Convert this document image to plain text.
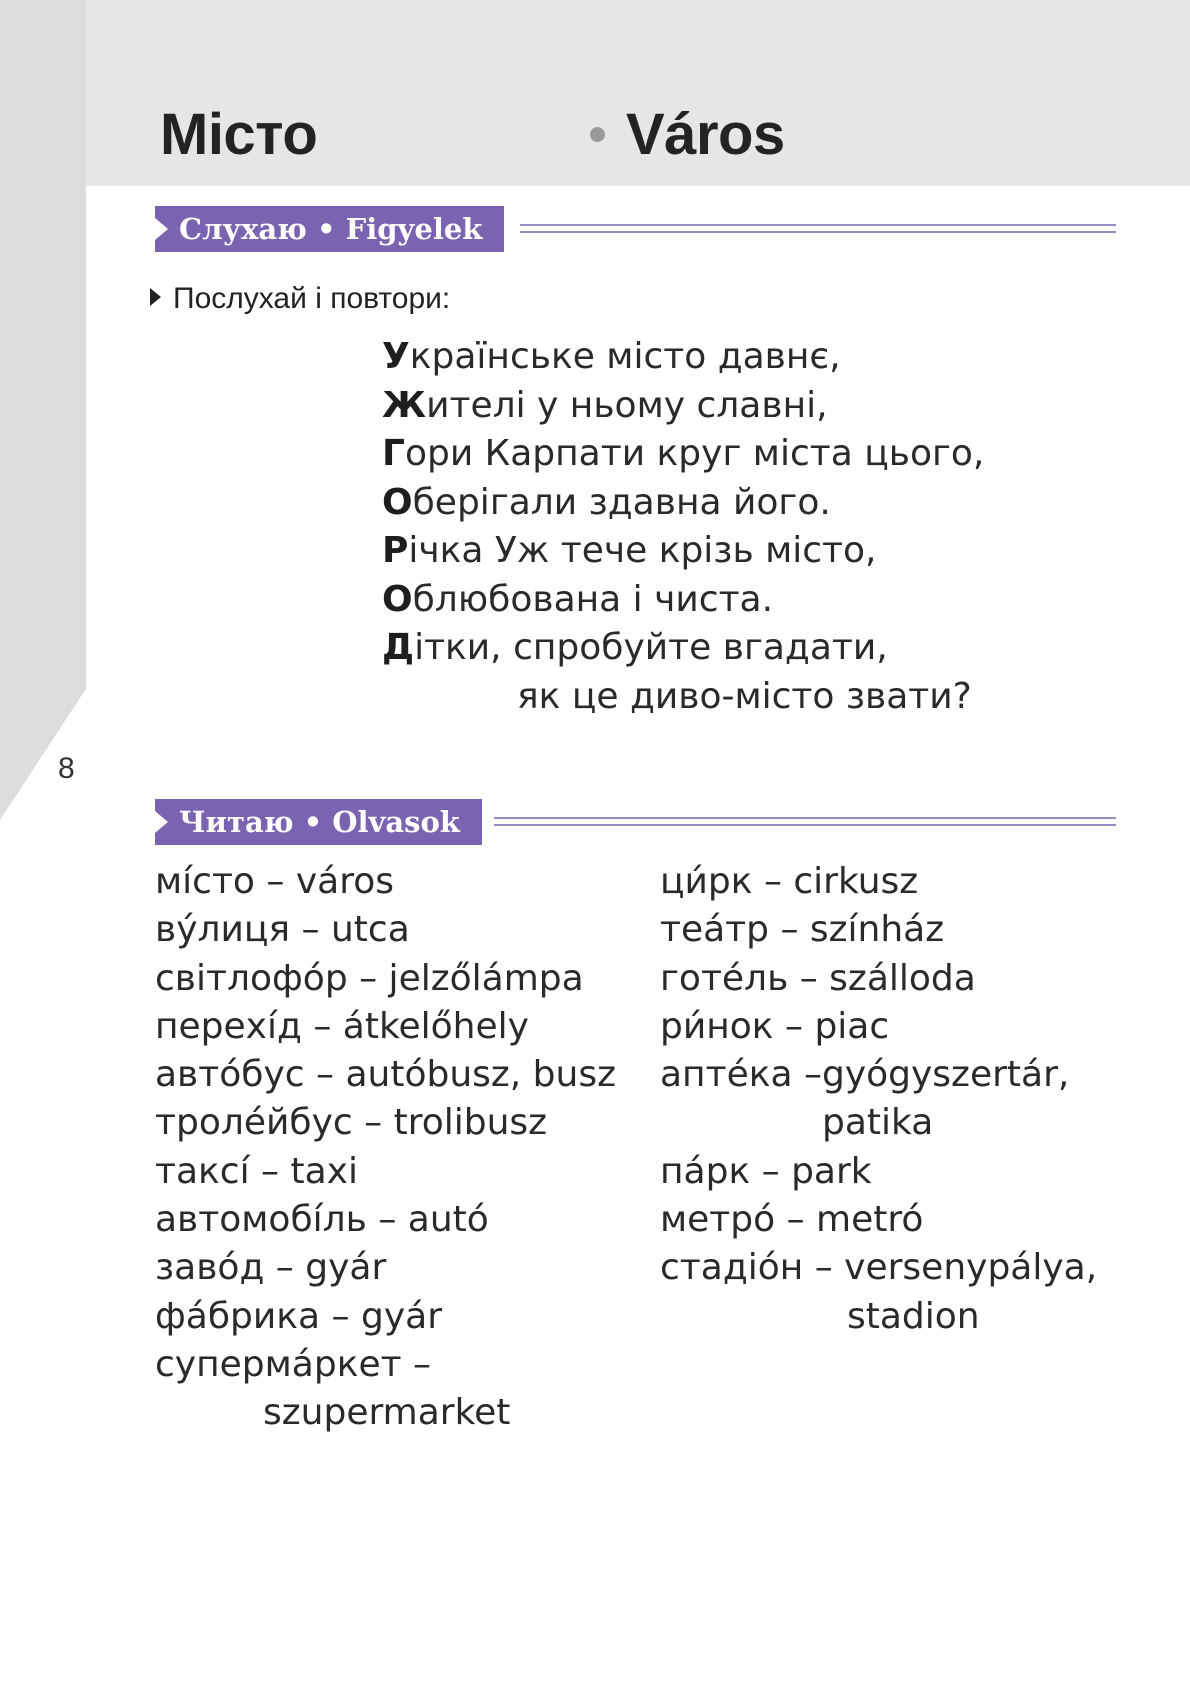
Місто	Város
8
Слухаю • Figyelek
Послухай і повтори:
Українське місто давнє,
Жителі у ньому славні,
Гори Карпати круг міста цього,
Оберігали здавна його.
Річка Уж тече крізь місто,
Облюбована і чиста.
Дітки, спробуйте вгадати,
як це диво-місто звати?
Читаю • Olvasok
мі́сто – város
ву́лиця – utca
світлофо́р – jelzőlámpa
перехі́д – átkelőhely
авто́бус – autóbusz, busz
троле́йбус – trolibusz
таксі́ – taxi
автомобі́ль – autó
заво́д – gyár
фа́брика – gyár
суперма́ркет –
szupermarket
ци́рк – cirkusz
теа́тр – színház
готе́ль – szálloda
ри́нок – piac
апте́ка –gyógyszertár,
patika
па́рк – park
метро́ – metró
стадіо́н – versenypálya,
stadion
